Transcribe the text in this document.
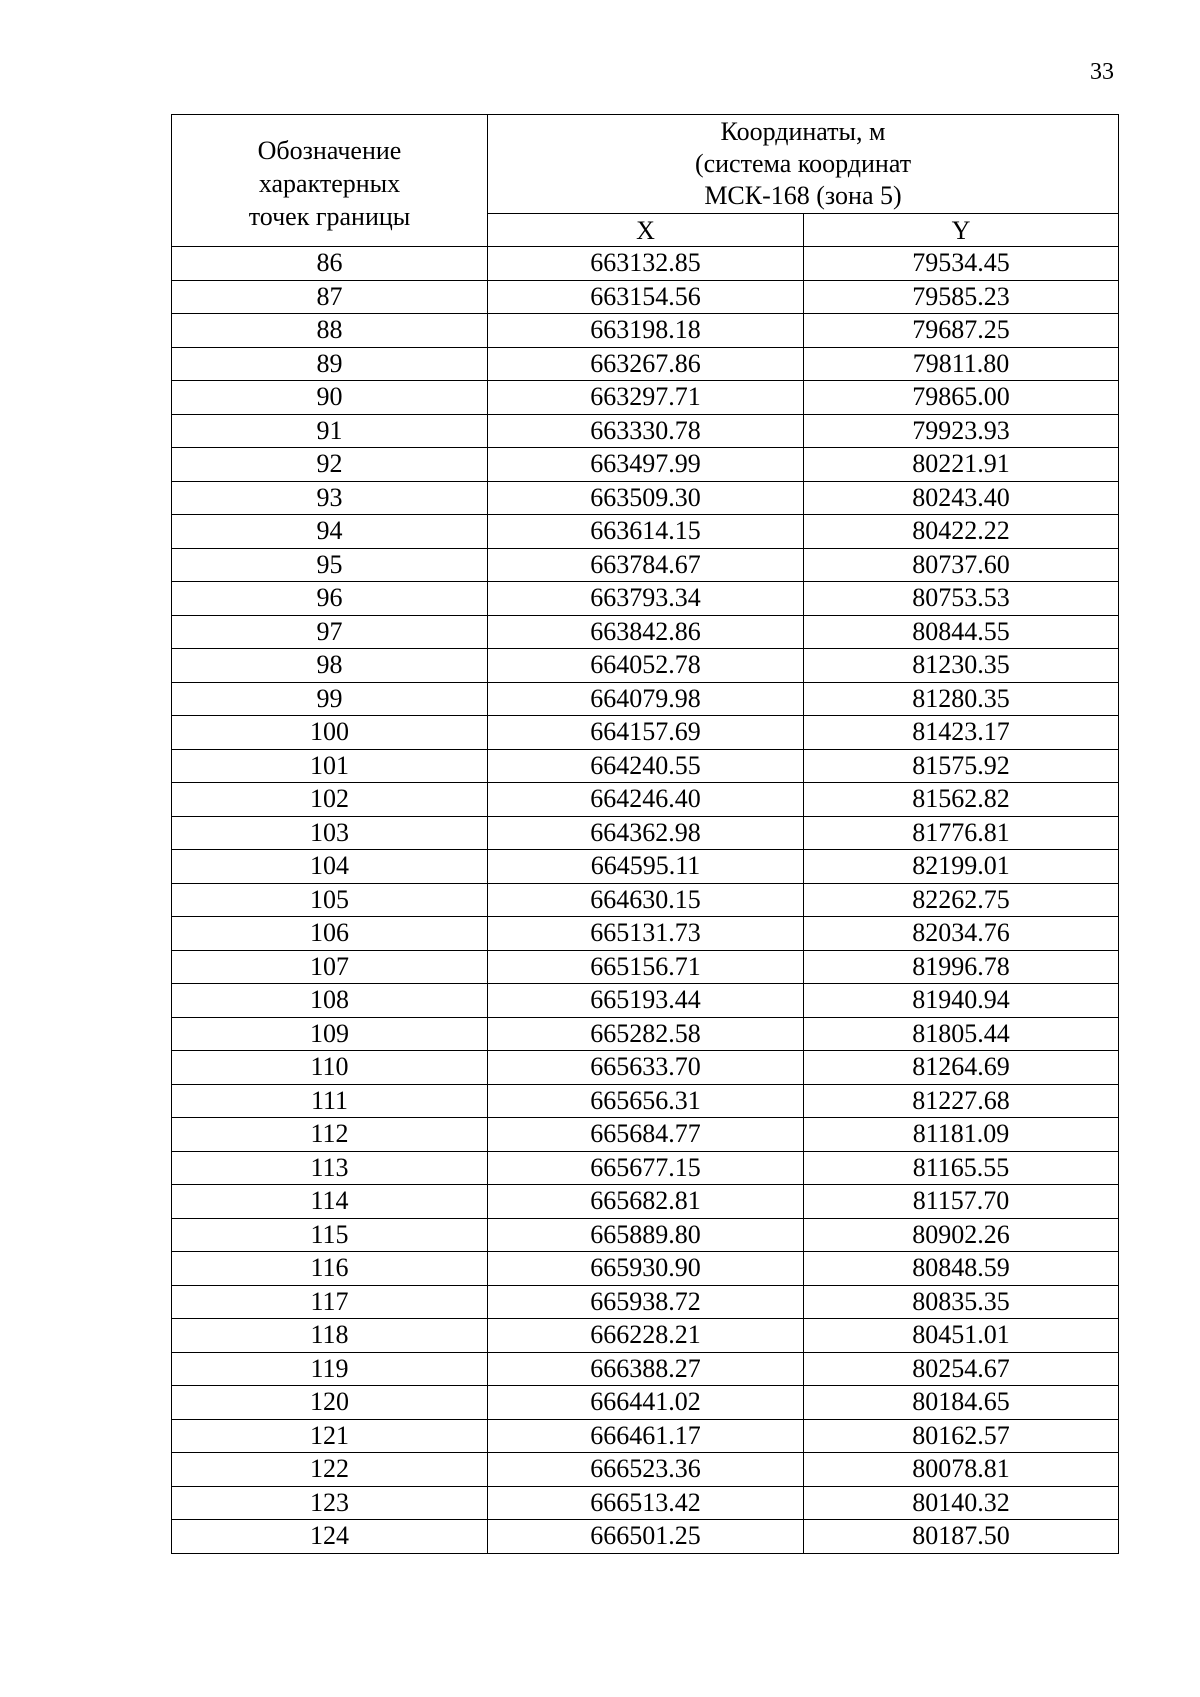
33
Обозначение
характерных
точек границы	Координаты, м
(система координат
МСК-168 (зона 5)	

	X	Y
86	663132.85	79534.45
87	663154.56	79585.23
88	663198.18	79687.25
89	663267.86	79811.80
90	663297.71	79865.00
91	663330.78	79923.93
92	663497.99	80221.91
93	663509.30	80243.40
94	663614.15	80422.22
95	663784.67	80737.60
96	663793.34	80753.53
97	663842.86	80844.55
98	664052.78	81230.35
99	664079.98	81280.35
100	664157.69	81423.17
101	664240.55	81575.92
102	664246.40	81562.82
103	664362.98	81776.81
104	664595.11	82199.01
105	664630.15	82262.75
106	665131.73	82034.76
107	665156.71	81996.78
108	665193.44	81940.94
109	665282.58	81805.44
110	665633.70	81264.69
111	665656.31	81227.68
112	665684.77	81181.09
113	665677.15	81165.55
114	665682.81	81157.70
115	665889.80	80902.26
116	665930.90	80848.59
117	665938.72	80835.35
118	666228.21	80451.01
119	666388.27	80254.67
120	666441.02	80184.65
121	666461.17	80162.57
122	666523.36	80078.81
123	666513.42	80140.32
124	666501.25	80187.50
